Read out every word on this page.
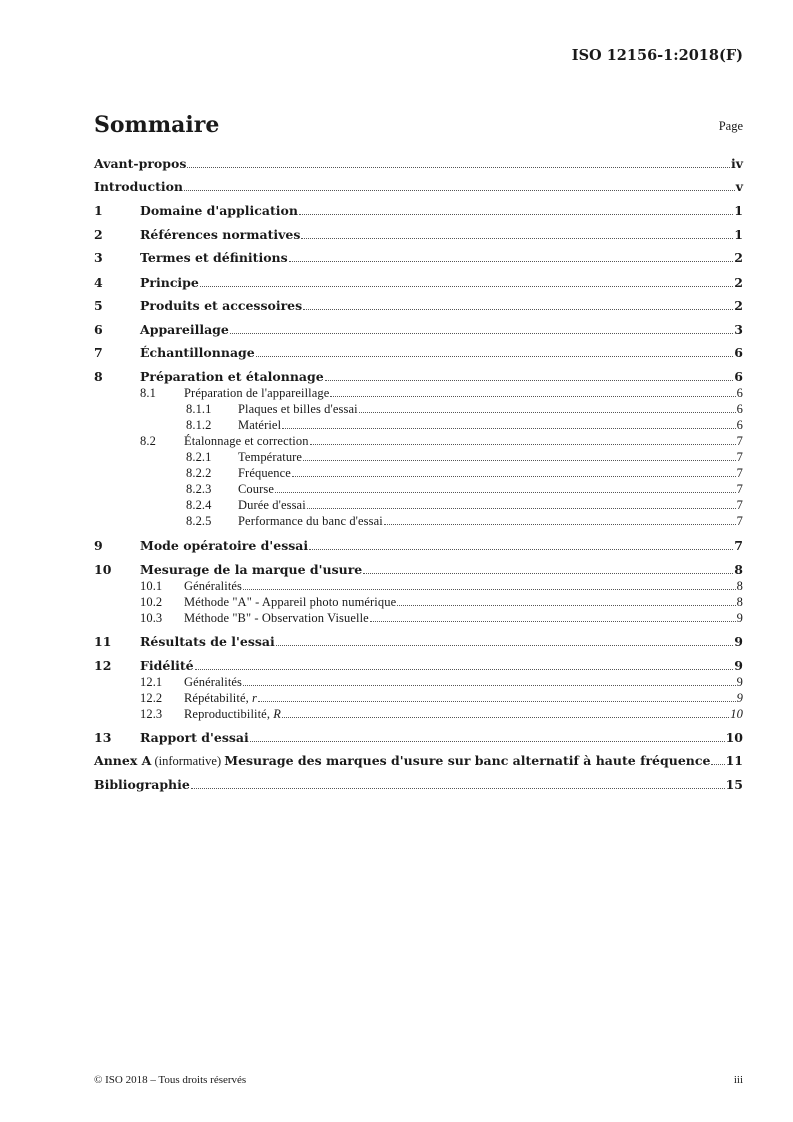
ISO 12156-1:2018(F)
Sommaire	Page
Avant-propos	iv
Introduction	v
1	Domaine d'application	1
2	Références normatives	1
3	Termes et définitions	2
4	Principe	2
5	Produits et accessoires	2
6	Appareillage	3
7	Échantillonnage	6
8	Préparation et étalonnage	6
8.1	Préparation de l'appareillage	6
8.1.1	Plaques et billes d'essai	6
8.1.2	Matériel	6
8.2	Étalonnage et correction	7
8.2.1	Température	7
8.2.2	Fréquence	7
8.2.3	Course	7
8.2.4	Durée d'essai	7
8.2.5	Performance du banc d'essai	7
9	Mode opératoire d'essai	7
10	Mesurage de la marque d'usure	8
10.1	Généralités	8
10.2	Méthode "A" - Appareil photo numérique	8
10.3	Méthode "B" - Observation Visuelle	9
11	Résultats de l'essai	9
12	Fidélité	9
12.1	Généralités	9
12.2	Répétabilité, r	9
12.3	Reproductibilité, R	10
13	Rapport d'essai	10
Annex A (informative) Mesurage des marques d'usure sur banc alternatif à haute fréquence 11
Bibliographie	15
© ISO 2018 – Tous droits réservés	iii
